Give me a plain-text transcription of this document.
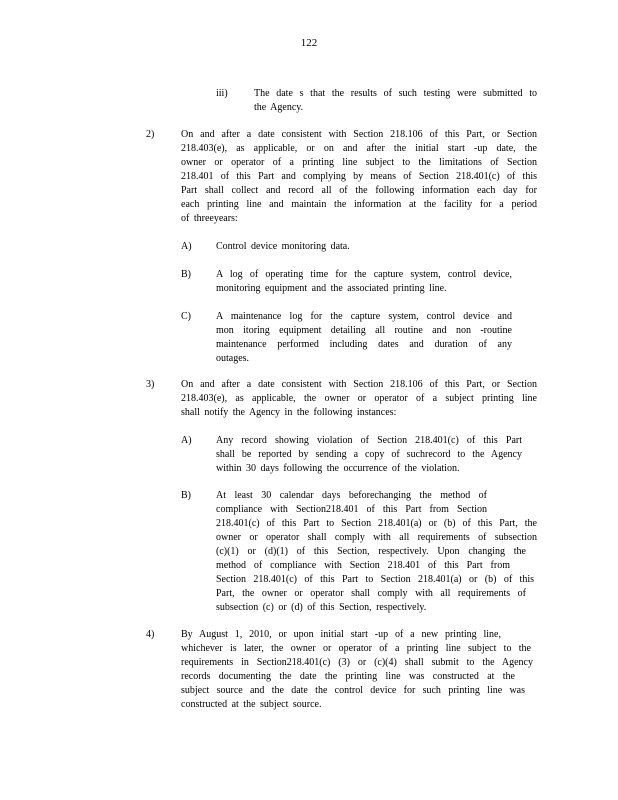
122
iii)	The date s that the results of such testing were submitted to
the Agency.
2)	On and after a date consistent with Section 218.106 of this Part, or Section
218.403(e), as applicable, or on and after the initial start -up date, the
owner or operator of a printing line subject to the limitations of Section
218.401 of this Part and complying by means of Section 218.401(c) of this
Part shall collect and record all of the following information each day for
each printing line and maintain the information at the facility for a period
of threeyears:
A) Control device monitoring data.
B)	A log of operating time for the capture system, control device,
monitoring equipment and the associated printing line.
C)	A maintenance log for the capture system, control device and
mon itoring equipment detailing all routine and non -routine
maintenance performed including dates and duration of any
outages.
3)	On and after a date consistent with Section 218.106 of this Part, or Section
218.403(e), as applicable, the owner or operator of a subject printing line
shall notify the Agency in the following instances:
A) Any record showing violation of Section 218.401(c) of this Part
shall be reported by sending a copy of suchrecord to the Agency
within 30 days following the occurrence of the violation.
B)	At least 30 calendar days beforechanging the method of
compliance with Section218.401 of this Part from Section
218.401(c) of this Part to Section 218.401(a) or (b) of this Part, the
owner or operator shall comply with all requirements of subsection
(c)(1) or (d)(1) of this Section, respectively. Upon changing the
method of compliance with Section 218.401 of this Part from
Section 218.401(c) of this Part to Section 218.401(a) or (b) of this
Part, the owner or operator shall comply with all requirements of
subsection (c) or (d) of this Section, respectively.
4)	By August 1, 2010, or upon initial start -up of a new printing line,
whichever is later, the owner or operator of a printing line subject to the
requirements in Section218.401(c) (3) or (c)(4) shall submit to the Agency
records documenting the date the printing line was constructed at the
subject source and the date the control device for such printing line was
constructed at the subject source.
